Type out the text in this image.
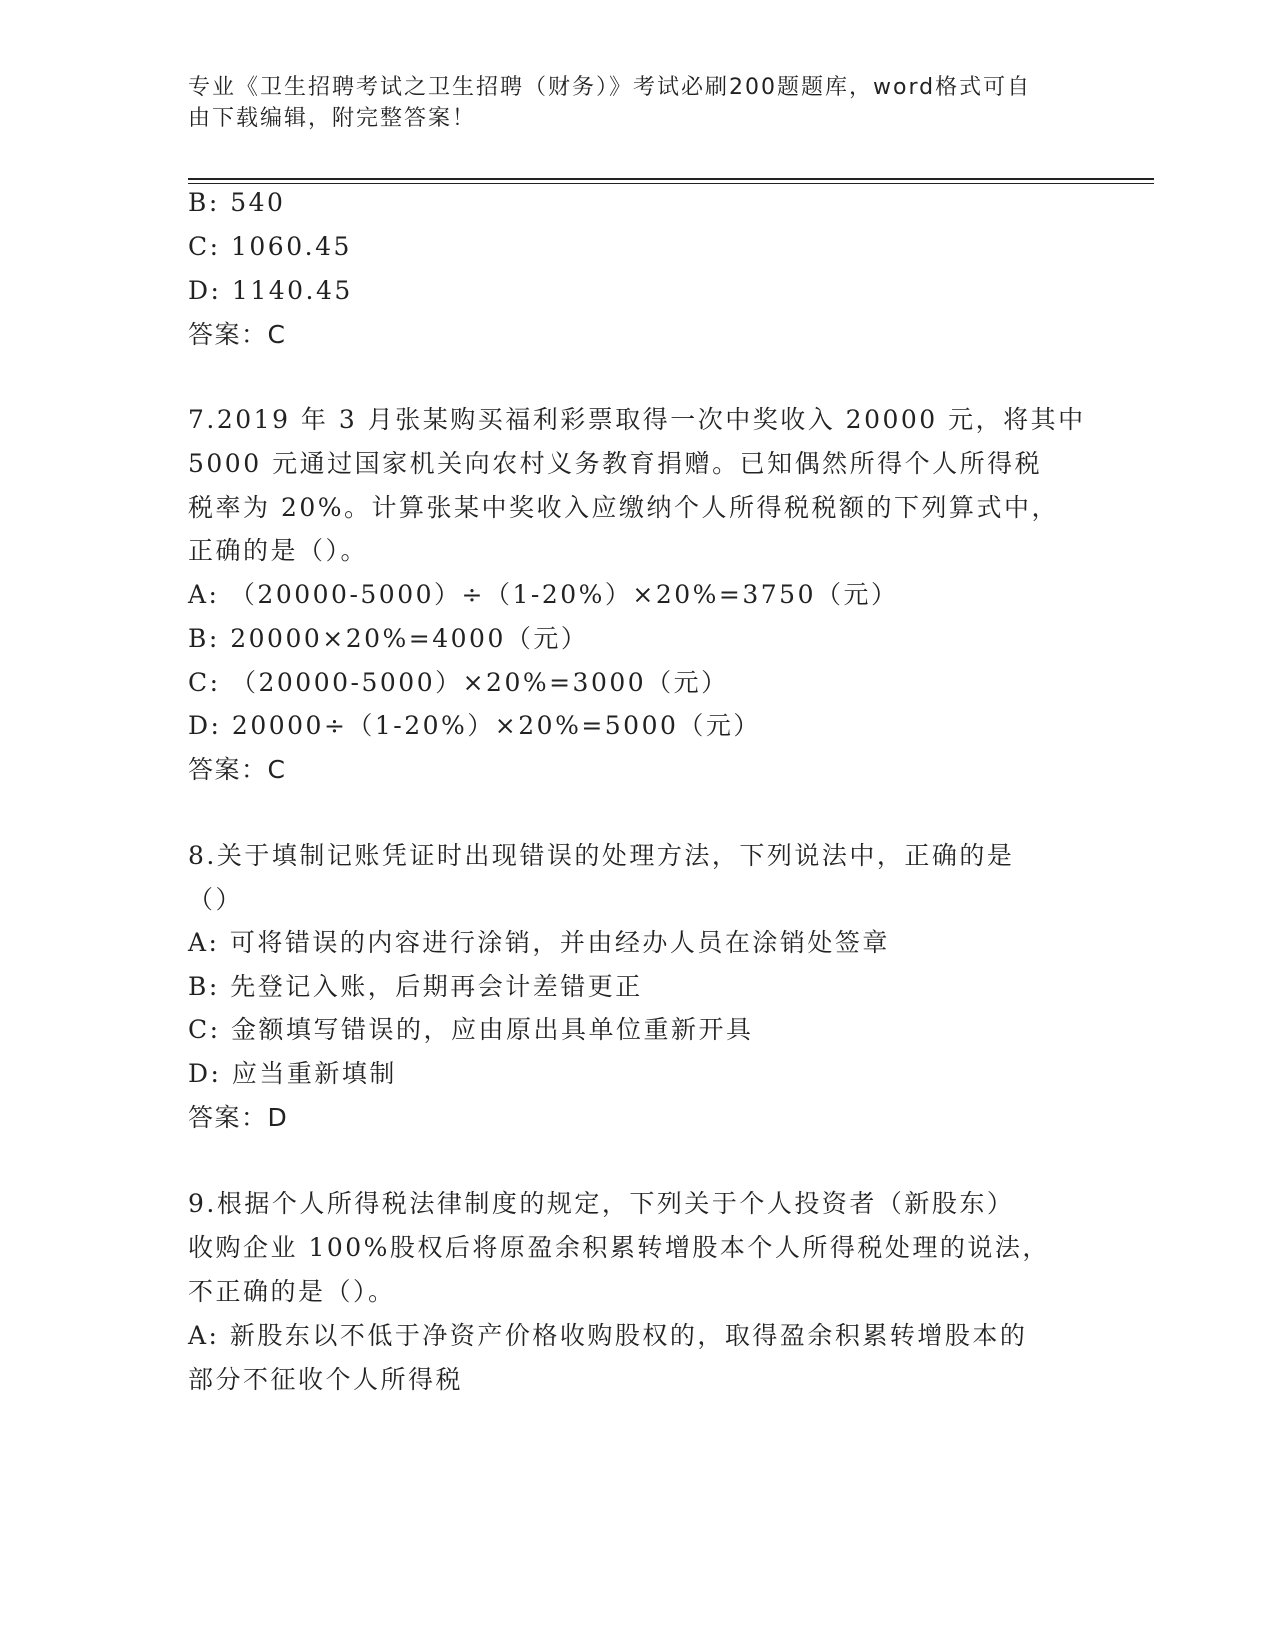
专业《卫生招聘考试之卫生招聘（财务）》考试必刷200题题库，word格式可自
由下载编辑，附完整答案！
B: 540
C: 1060.45
D: 1140.45
答案：C
7.2019 年 3 月张某购买福利彩票取得一次中奖收入 20000 元，将其中
5000 元通过国家机关向农村义务教育捐赠。已知偶然所得个人所得税
税率为 20%。计算张某中奖收入应缴纳个人所得税税额的下列算式中，
正确的是（）。
A: （20000-5000）÷（1-20%）×20%=3750（元）
B: 20000×20%=4000（元）
C: （20000-5000）×20%=3000（元）
D: 20000÷（1-20%）×20%=5000（元）
答案：C
8.关于填制记账凭证时出现错误的处理方法，下列说法中，正确的是
（）
A: 可将错误的内容进行涂销，并由经办人员在涂销处签章
B: 先登记入账，后期再会计差错更正
C: 金额填写错误的，应由原出具单位重新开具
D: 应当重新填制
答案：D
9.根据个人所得税法律制度的规定，下列关于个人投资者（新股东）
收购企业 100%股权后将原盈余积累转增股本个人所得税处理的说法，
不正确的是（）。
A: 新股东以不低于净资产价格收购股权的，取得盈余积累转增股本的
部分不征收个人所得税
